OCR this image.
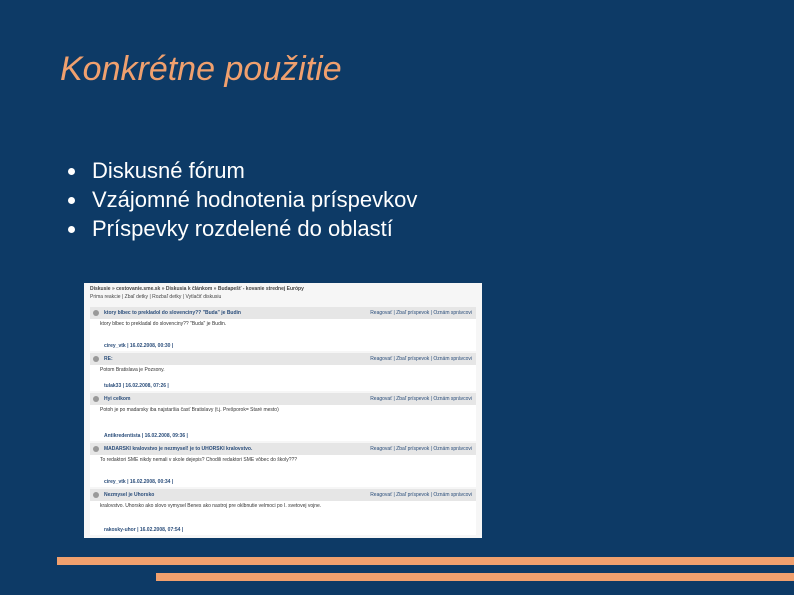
Konkrétne použitie
Diskusné fórum
Vzájomné hodnotenia príspevkov
Príspevky rozdelené do oblastí
Diskusie » cestovanie.sme.sk » Diskusia k článkom » Budapešť - kovanie strednej Európy
Prima reakcie | Zbaľ detky | Rozbaľ detky | Vytlačiť diskusiu
ktory blbec to prekladol do slovenciny?? "Buda" je Budin	Reagovať | Zbaľ príspevok | Oznám správcovi
ktory blbec to prekladal do slovenciny?? "Buda" je Budin.
cirey_vtk | 16.02.2008, 00:30 |
RE:	Reagovať | Zbaľ príspevok | Oznám správcovi
Potom Bratislava je Pozsony.
tulak33 | 16.02.2008, 07:26 |
Hyi celkom	Reagovať | Zbaľ príspevok | Oznám správcovi
Potoh je po madarsky iba najstaršia časť Bratislavy (t.j. Prešporok= Staré mesto)
Antikredentista | 16.02.2008, 09:36 |
MADARSKI kralovstvo je nezmysel! je to UHORSKI kralovstvo.	Reagovať | Zbaľ príspevok | Oznám správcovi
To redaktori SME nikdy nemali v skole dejepis? Chodili redaktori SME vôbec do školy???
cirey_vtk | 16.02.2008, 00:34 |
Nezmysel je Uhorsko	Reagovať | Zbaľ príspevok | Oznám správcovi
kralovstvo. Uhorsko ako slovo vymysel Benes ako nastroj pre oklbnutie velmoci po I. svetovej vojne.
rakosky-uhor | 16.02.2008, 07:54 |
